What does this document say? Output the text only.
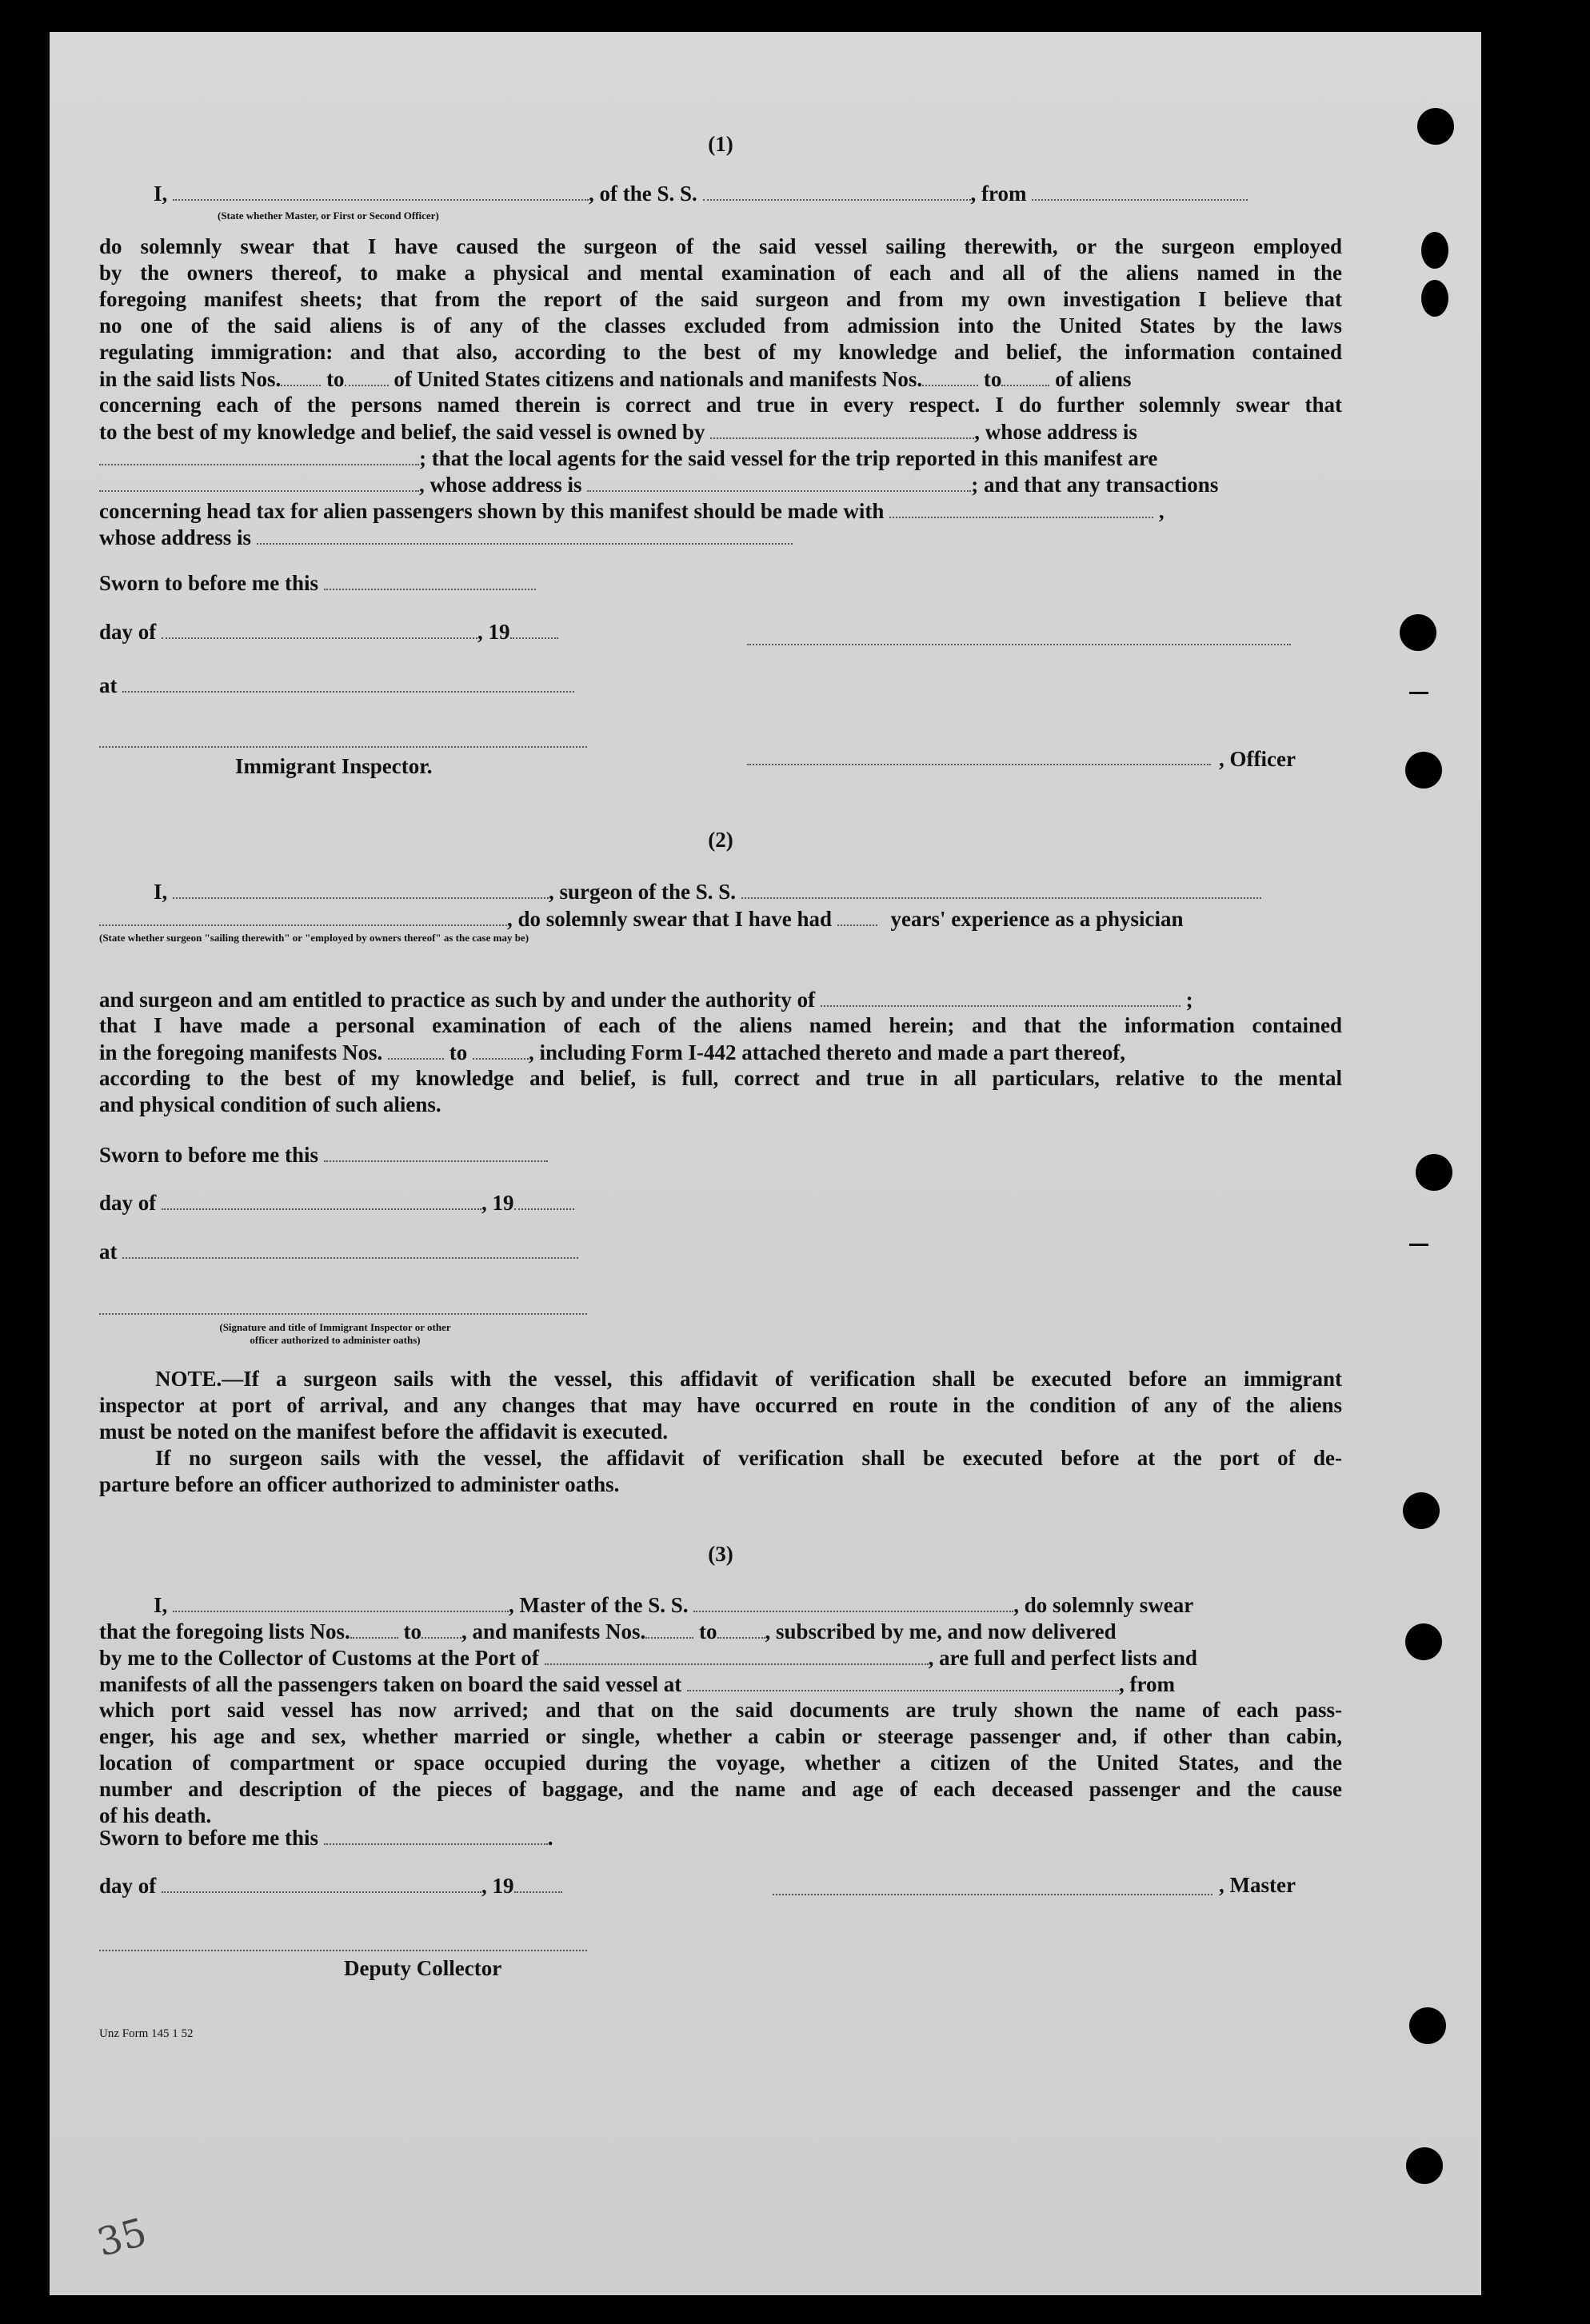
(1)
I,	, of the S. S.	, from
(State whether Master, or First or Second Officer)
do solemnly swear that I have caused the surgeon of the said vessel sailing therewith, or the surgeon employed
by the owners thereof, to make a physical and mental examination of each and all of the aliens named in the
foregoing manifest sheets; that from the report of the said surgeon and from my own investigation I believe that
no one of the said aliens is of any of the classes excluded from admission into the United States by the laws
regulating immigration: and that also, according to the best of my knowledge and belief, the information contained
in the said lists Nos. to of United States citizens and nationals and manifests Nos.	to of aliens
concerning each of the persons named therein is correct and true in every respect. I do further solemnly swear that
to the best of my knowledge and belief, the said vessel is owned by	, whose address is
; that the local agents for the said vessel for the trip reported in this manifest are
, whose address is	; and that any transactions
concerning head tax for alien passengers shown by this manifest should be made with	,
whose address is
Sworn to before me this
day of	, 19
at
Immigrant Inspector.	, Officer
(2)
I,	, surgeon of the S. S.
, do solemnly swear that I have had	years' experience as a physician
(State whether surgeon "sailing therewith" or "employed by owners thereof" as the case may be)
and surgeon and am entitled to practice as such by and under the authority of	;
that I have made a personal examination of each of the aliens named herein; and that the information contained
in the foregoing manifests Nos.	to	, including Form I-442 attached thereto and made a part thereof,
according to the best of my knowledge and belief, is full, correct and true in all particulars, relative to the mental
and physical condition of such aliens.
Sworn to before me this
day of	, 19
at
(Signature and title of Immigrant Inspector or other
officer authorized to administer oaths)
NOTE.—If a surgeon sails with the vessel, this affidavit of verification shall be executed before an immigrant
inspector at port of arrival, and any changes that may have occurred en route in the condition of any of the aliens
must be noted on the manifest before the affidavit is executed.
If no surgeon sails with the vessel, the affidavit of verification shall be executed before at the port of de-
parture before an officer authorized to administer oaths.
(3)
I,	, Master of the S. S.	, do solemnly swear
that the foregoing lists Nos. to , and manifests Nos. to , subscribed by me, and now delivered
by me to the Collector of Customs at the Port of	, are full and perfect lists and
manifests of all the passengers taken on board the said vessel at	, from
which port said vessel has now arrived; and that on the said documents are truly shown the name of each pass-
enger, his age and sex, whether married or single, whether a cabin or steerage passenger and, if other than cabin,
location of compartment or space occupied during the voyage, whether a citizen of the United States, and the
number and description of the pieces of baggage, and the name and age of each deceased passenger and the cause
of his death.
Sworn to before me this	.
day of	, 19	, Master
Deputy Collector
Unz Form 145 1 52
35
